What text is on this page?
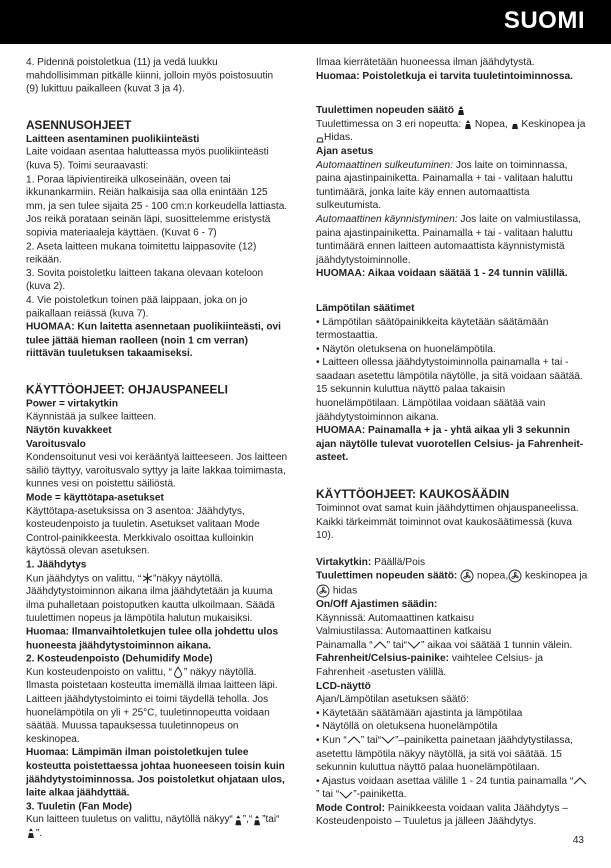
SUOMI

4. Pidennä poistoletkua (11) ja vedä luukku mahdollisimman pitkälle kiinni, jolloin myös poistosuutin (9) lukittuu paikalleen (kuvat 3 ja 4).

ASENNUSOHJEET

Laitteen asentaminen puolikiinteästi

Laite voidaan asentaa halutteassa myös puolikiinteästi (kuva 5). Toimi seuraavasti:

1. Poraa läpivientireikä ulkoseinään, oveen tai ikkunankarmiin. Reiän halkaisija saa olla enintään 125 mm, ja sen tulee sijaita 25 - 100 cm:n korkeudella lattiasta. Jos reikä porataan seinän läpi, suosittelemme eristystä sopivia materiaaleja käyttäen. (Kuvat 6 - 7)

2. Aseta laitteen mukana toimitettu laippasovite (12) reikään.

3. Sovita poistoletku laitteen takana olevaan koteloon (kuva 2).

4. Vie poistoletkun toinen pää laippaan, joka on jo paikallaan reiässä (kuva 7).

HUOMAA: Kun laitetta asennetaan puolikiinteästi, ovi tulee jättää hieman raolleen (noin 1 cm verran) riittävän tuuletuksen takaamiseksi.

KÄYTTÖOHJEET: OHJAUSPANEELI

Power = virtakytkin

Käynnistää ja sulkee laitteen.

Näytön kuvakkeet

Varoitusvalo

Kondensoitunut vesi voi kerääntyä laitteeseen. Jos laitteen säiliö täyttyy, varoitusvalo syttyy ja laite lakkaa toimimasta, kunnes vesi on poistettu säiliöstä.

Mode = käyttötapa-asetukset

Käyttötapa-asetuksissa on 3 asentoa: Jäähdytys, kosteudenpoisto ja tuuletin. Asetukset valitaan Mode Control-painikkeesta. Merkkivalo osoittaa kulloinkin käytössä olevan asetuksen.

1. Jäähdytys

Kun jäähdytys on valittu, “ ”näkyy näytöllä.

Jäähdytystoiminnon aikana ilma jäähdytetään ja kuuma ilma puhalletaan poistoputken kautta ulkoilmaan. Säädä tuulettimen nopeus ja lämpötila halutun mukaisiksi.

Huomaa: Ilmanvaihtoletkujen tulee olla johdettu ulos huoneesta jäähdytystoiminnon aikana.

2. Kosteudenpoisto (Dehumidify Mode)

Kun kosteudenpoisto on valittu, “ ” näkyy näytöllä. Ilmasta poistetaan kosteutta imemällä ilmaa laitteen läpi. Laitteen jäähdytystoiminto ei toimi täydellä teholla. Jos huonelämpötila on yli + 25°C, tuuletinnopeutta voidaan säätää. Muussa tapauksessa tuuletinnopeus on keskinopea.

Huomaa: Lämpimän ilman poistoletkujen tulee kosteutta poistettaessa johtaa huoneeseen toisin kuin jäähdytystoiminnossa. Jos poistoletkut ohjataan ulos, laite alkaa jäähdyttää.

3. Tuuletin (Fan Mode)

Kun laitteen tuuletus on valittu, näytöllä näkyy“ ”,“ ”tai“”.

Ilmaa kierrätetään huoneessa ilman jäähdytystä.

Huomaa: Poistoletkuja ei tarvita tuuletintoiminnossa.

Tuulettimen nopeuden säätö

Tuulettimessa on 3 eri nopeutta: Nopea, Keskinopea ja Hidas.

Ajan asetus

Automaattinen sulkeutuminen: Jos laite on toiminnassa, paina ajastinpainiketta. Painamalla + tai - valitaan haluttu tuntimäärä, jonka laite käy ennen automaattista sulkeutumista.

Automaattinen käynnistyminen: Jos laite on valmiustilassa, paina ajastinpainiketta. Painamalla + tai - valitaan haluttu tuntimäärä ennen laitteen automaattista käynnistymistä jäähdytystoiminnolle.

HUOMAA: Aikaa voidaan säätää 1 - 24 tunnin välillä.

Lämpötilan säätimet

• Lämpötilan säätöpainikkeita käytetään säätämään termostaattia.

• Näytön oletuksena on huonelämpötila.

• Laitteen ollessa jäähdytystoiminnolla painamalla + tai - saadaan asetettu lämpötila näytölle, ja sitä voidaan säätää. 15 sekunnin kuluttua näyttö palaa takaisin huonelämpötilaan. Lämpötilaa voidaan säätää vain jäähdytystoiminnon aikana.

HUOMAA: Painamalla + ja - yhtä aikaa yli 3 sekunnin ajan näytölle tulevat vuorotellen Celsius- ja Fahrenheit-asteet.

KÄYTTÖOHJEET: KAUKOSÄÄDIN

Toiminnot ovat samat kuin jäähdyttimen ohjauspaneelissa. Kaikki tärkeimmät toiminnot ovat kaukosäätimessä (kuva 10).

Virtakytkin: Päällä/Pois

Tuulettimen nopeuden säätö:  nopea, keskinopea ja
hidas

On/Off Ajastimen säädin:

Käynnissä: Automaattinen katkaisu

Valmiustilassa: Automaattinen katkaisu

Painamalla “ ” tai“ ” aikaa voi säätää 1 tunnin välein.

Fahrenheit/Celsius-painike: vaihtelee Celsius- ja Fahrenheit -asetusten välillä.

LCD-näyttö

Ajan/Lämpötilan asetuksen säätö:

• Käytetään säätämään ajastinta ja lämpötilaa

• Näytöllä on oletuksena huonelämpötila

• Kun “ ” tai“ ”–painiketta painetaan jäähdytystilassa, asetettu lämpötila näkyy näytöllä, ja sitä voi säätää. 15 sekunnin kuluttua näyttö palaa huonelämpötilaan.

• Ajastus voidaan asettaa välille 1 - 24 tuntia painamalla “” tai “ ”-painiketta.

Mode Control: Painikkeesta voidaan valita Jäähdytys – Kosteudenpoisto – Tuuletus ja jälleen Jäähdytys.

43
